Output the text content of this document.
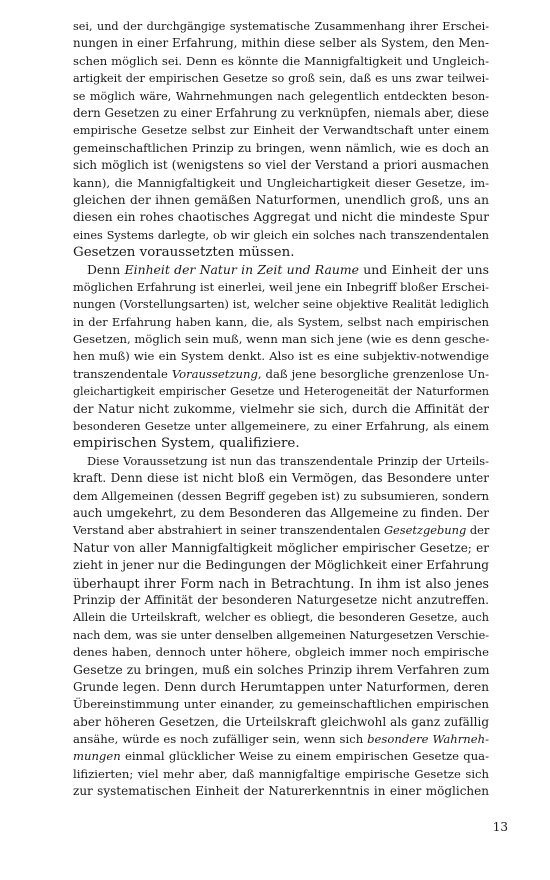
sei, und der durchgängige systematische Zusammenhang ihrer Erschei-
nungen in einer Erfahrung, mithin diese selber als System, den Men-
schen möglich sei. Denn es könnte die Mannigfaltigkeit und Ungleich-
artigkeit der empirischen Gesetze so groß sein, daß es uns zwar teilwei-
se möglich wäre, Wahrnehmungen nach gelegentlich entdeckten beson-
dern Gesetzen zu einer Erfahrung zu verknüpfen, niemals aber, diese
empirische Gesetze selbst zur Einheit der Verwandtschaft unter einem
gemeinschaftlichen Prinzip zu bringen, wenn nämlich, wie es doch an
sich möglich ist (wenigstens so viel der Verstand a priori ausmachen
kann), die Mannigfaltigkeit und Ungleichartigkeit dieser Gesetze, im-
gleichen der ihnen gemäßen Naturformen, unendlich groß, uns an
diesen ein rohes chaotisches Aggregat und nicht die mindeste Spur
eines Systems darlegte, ob wir gleich ein solches nach transzendentalen
Gesetzen voraussetzten müssen.
Denn Einheit der Natur in Zeit und Raume und Einheit der uns
möglichen Erfahrung ist einerlei, weil jene ein Inbegriff bloßer Erschei-
nungen (Vorstellungsarten) ist, welcher seine objektive Realität lediglich
in der Erfahrung haben kann, die, als System, selbst nach empirischen
Gesetzen, möglich sein muß, wenn man sich jene (wie es denn gesche-
hen muß) wie ein System denkt. Also ist es eine subjektiv-notwendige
transzendentale Voraussetzung, daß jene besorgliche grenzenlose Un-
gleichartigkeit empirischer Gesetze und Heterogeneität der Naturformen
der Natur nicht zukomme, vielmehr sie sich, durch die Affinität der
besonderen Gesetze unter allgemeinere, zu einer Erfahrung, als einem
empirischen System, qualifiziere.
Diese Voraussetzung ist nun das transzendentale Prinzip der Urteils-
kraft. Denn diese ist nicht bloß ein Vermögen, das Besondere unter
dem Allgemeinen (dessen Begriff gegeben ist) zu subsumieren, sondern
auch umgekehrt, zu dem Besonderen das Allgemeine zu finden. Der
Verstand aber abstrahiert in seiner transzendentalen Gesetzgebung der
Natur von aller Mannigfaltigkeit möglicher empirischer Gesetze; er
zieht in jener nur die Bedingungen der Möglichkeit einer Erfahrung
überhaupt ihrer Form nach in Betrachtung. In ihm ist also jenes
Prinzip der Affinität der besonderen Naturgesetze nicht anzutreffen.
Allein die Urteilskraft, welcher es obliegt, die besonderen Gesetze, auch
nach dem, was sie unter denselben allgemeinen Naturgesetzen Verschie-
denes haben, dennoch unter höhere, obgleich immer noch empirische
Gesetze zu bringen, muß ein solches Prinzip ihrem Verfahren zum
Grunde legen. Denn durch Herumtappen unter Naturformen, deren
Übereinstimmung unter einander, zu gemeinschaftlichen empirischen
aber höheren Gesetzen, die Urteilskraft gleichwohl als ganz zufällig
ansähe, würde es noch zufälliger sein, wenn sich besondere Wahrneh-
mungen einmal glücklicher Weise zu einem empirischen Gesetze qua-
lifizierten; viel mehr aber, daß mannigfaltige empirische Gesetze sich
zur systematischen Einheit der Naturerkenntnis in einer möglichen
13
